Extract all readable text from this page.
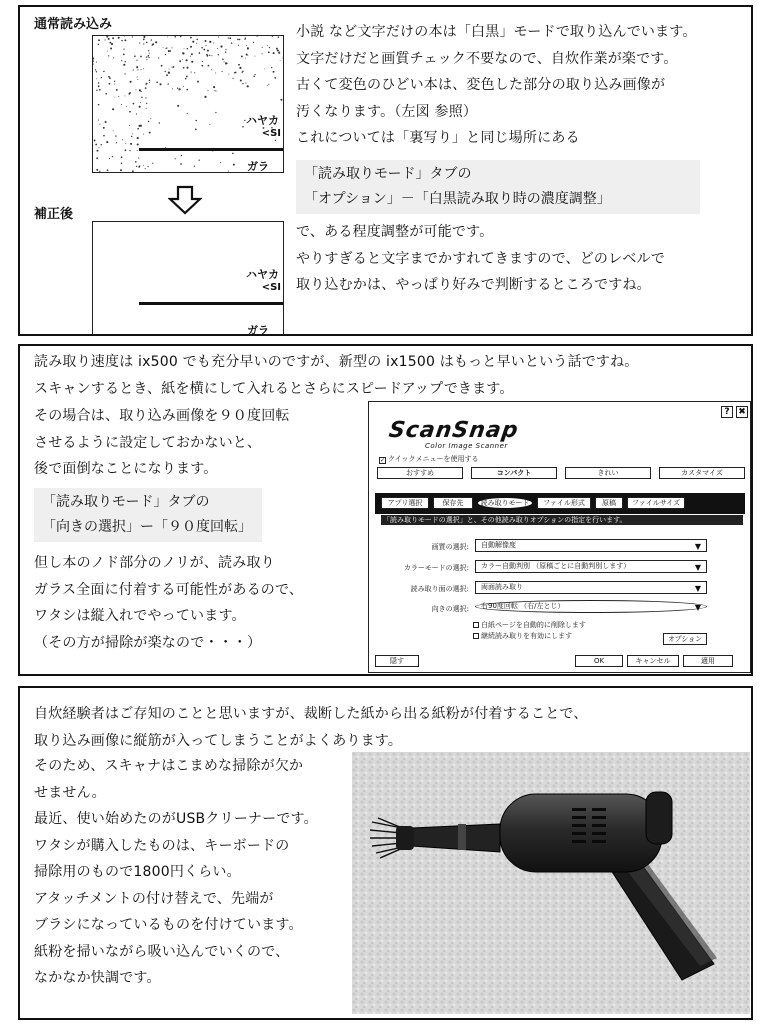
通常読み込み
ハヤカ
<SI
ガラ
補正後
ハヤカ
<SI
ガラ
小説 など文字だけの本は「白黒」モードで取り込んでいます。
文字だけだと画質チェック不要なので、自炊作業が楽です。
古くて変色のひどい本は、変色した部分の取り込み画像が
汚くなります。（左図 参照）
これについては「裏写り」と同じ場所にある
「読み取りモード」タブの
「オプション」－「白黒読み取り時の濃度調整」
で、ある程度調整が可能です。
やりすぎると文字までかすれてきますので、どのレベルで
取り込むかは、やっぱり好みで判断するところですね。
読み取り速度は ix500 でも充分早いのですが、新型の ix1500 はもっと早いという話ですね。
スキャンするとき、紙を横にして入れるとさらにスピードアップできます。
その場合は、取り込み画像を９０度回転
させるように設定しておかないと、
後で面倒なことになります。
「読み取りモード」タブの
「向きの選択」ー「９０度回転」
但し本のノド部分のノリが、読み取り
ガラス全面に付着する可能性があるので、
ワタシは縦入れでやっています。
（その方が掃除が楽なので・・・）
? ✖
ScanSnap
Color Image Scanner
✓ クイックメニューを使用する
おすすめ	コンパクト	きれい	カスタマイズ
アプリ選択	保存先	読み取りモード	ファイル形式	原稿	ファイルサイズ
「読み取りモードの選択」と、その他読み取りオプションの指定を行います。
画質の選択:	自動解像度	▼
カラーモードの選択:	カラー自動判別 （原稿ごとに自動判別します）	▼
読み取り面の選択:	両面読み取り	▼
向きの選択:	右90度回転 （右/左とじ）	▼
白紙ページを自動的に削除します
継続読み取りを有効にします	オプション
隠す	OK	キャンセル	適用
自炊経験者はご存知のことと思いますが、裁断した紙から出る紙粉が付着することで、
取り込み画像に縦筋が入ってしまうことがよくあります。
そのため、スキャナはこまめな掃除が欠か
せません。
最近、使い始めたのがUSBクリーナーです。
ワタシが購入したものは、キーボードの
掃除用のもので1800円くらい。
アタッチメントの付け替えで、先端が
ブラシになっているものを付けています。
紙粉を掃いながら吸い込んでいくので、
なかなか快調です。
